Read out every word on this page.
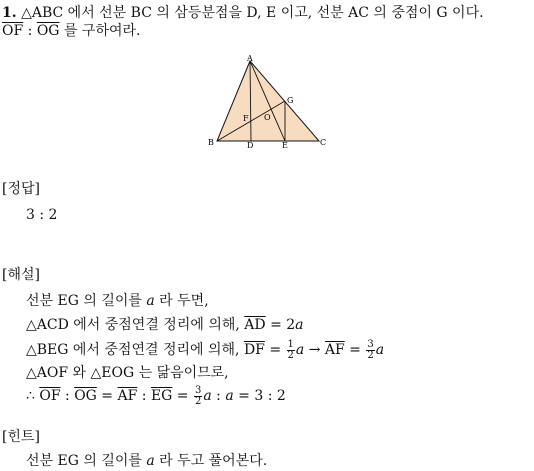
1. △ABC 에서 선분 BC 의 삼등분점을 D, E 이고, 선분 AC 의 중점이 G 이다.
$\overline{OF}$ : $\overline{OG}$ 를 구하여라.
A
B	C
D	E
F
G
O
[정답]
3 : 2
[해설]
선분 EG 의 길이를 a 라 두면,
△ACD 에서 중점연결 정리에 의해, $\overline{AD} = 2a$
△BEG 에서 중점연결 정리에 의해, $\overline{DF} = \frac{1}{2}$ $a \to \overline{AF} = \frac{3}{2}$ a
△AOF 와 △EOG 는 닮음이므로,
∴ $\overline{OF}$ : $\overline{OG} = \overline{AF}$ : $\overline{EG} = \frac{3}{2}$ a : a = 3 : 2
[힌트]
선분 EG 의 길이를 a 라 두고 풀어본다.
